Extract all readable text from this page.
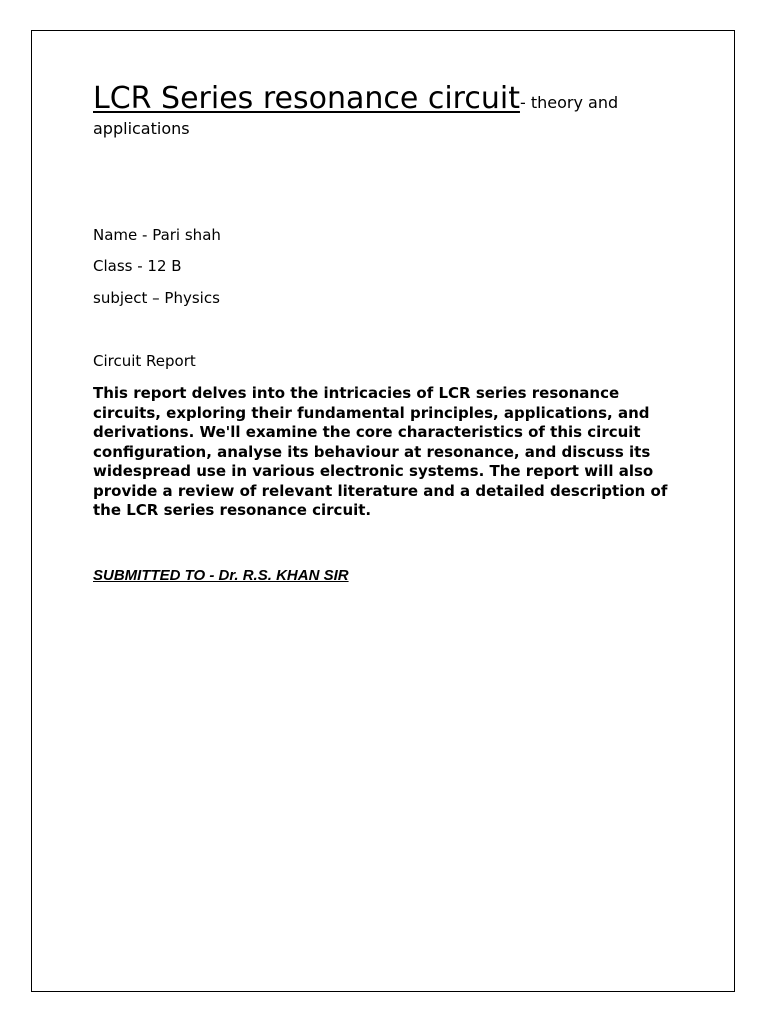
LCR Series resonance circuit- theory and applications

Name - Pari shah

Class - 12 B

subject – Physics

Circuit Report

This report delves into the intricacies of LCR series resonance circuits, exploring their fundamental principles, applications, and derivations. We'll examine the core characteristics of this circuit configuration, analyse its behaviour at resonance, and discuss its widespread use in various electronic systems. The report will also provide a review of relevant literature and a detailed description of the LCR series resonance circuit.

SUBMITTED TO - Dr. R.S. KHAN SIR
